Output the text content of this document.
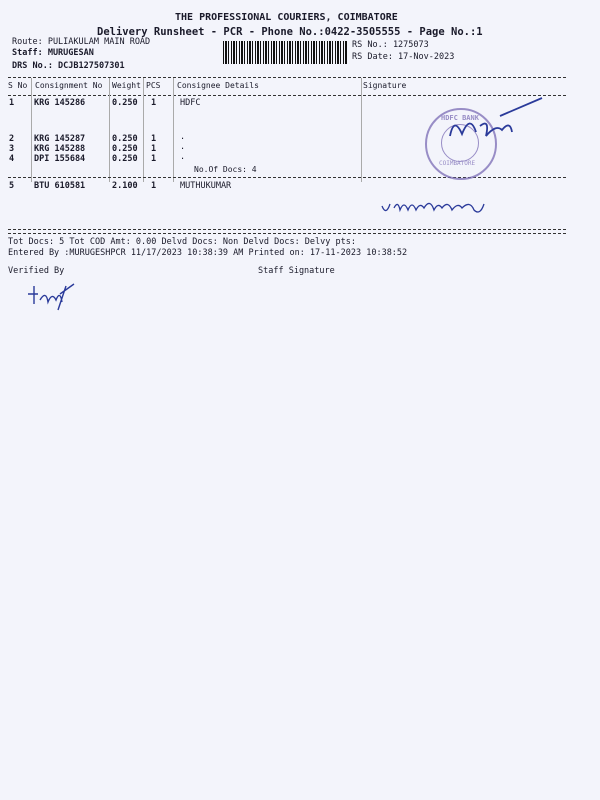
THE PROFESSIONAL COURIERS, COIMBATORE
Delivery Runsheet - PCR - Phone No.:0422-3505555 - Page No.:1
Route: PULIAKULAM MAIN ROAD
Staff: MURUGESAN
DRS No.: DCJB127507301
RS No.: 1275073
RS Date: 17-Nov-2023
S No Consignment No Weight PCS Consignee Details	Signature
1 KRG 145286	0.250 1	HDFC
2 KRG 145287	0.250 1	.
3 KRG 145288	0.250 1	.
4 DPI 155684	0.250 1	.
No.Of Docs: 4
5 BTU 610581	2.100 1	MUTHUKUMAR
HDFC BANK
COIMBATORE
Tot Docs: 5 Tot COD Amt: 0.00 Delvd Docs: Non Delvd Docs: Delvy pts:
Entered By :MURUGESHPCR 11/17/2023 10:38:39 AM Printed on: 17-11-2023 10:38:52
Verified By	Staff Signature
